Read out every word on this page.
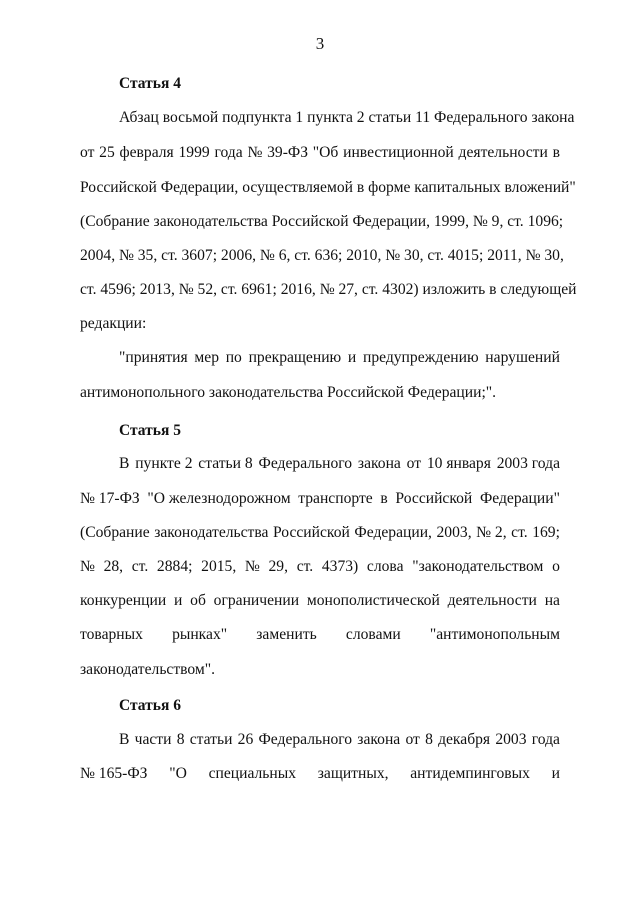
3
Статья 4
Абзац восьмой подпункта 1 пункта 2 статьи 11 Федерального закона
от 25 февраля 1999 года № 39-ФЗ "Об инвестиционной деятельности в
Российской Федерации, осуществляемой в форме капитальных вложений"
(Собрание законодательства Российской Федерации, 1999, № 9, ст. 1096;
2004, № 35, ст. 3607; 2006, № 6, ст. 636; 2010, № 30, ст. 4015; 2011, № 30,
ст. 4596; 2013, № 52, ст. 6961; 2016, № 27, ст. 4302) изложить в следующей
редакции:
"принятия мер по прекращению и предупреждению нарушений
антимонопольного законодательства Российской Федерации;".
Статья 5
В пункте 2 статьи 8 Федерального закона от 10 января 2003 года
№ 17-ФЗ "О железнодорожном транспорте в Российской Федерации"
(Собрание законодательства Российской Федерации, 2003, № 2, ст. 169;
№ 28, ст. 2884; 2015, № 29, ст. 4373) слова "законодательством о
конкуренции и об ограничении монополистической деятельности на
товарных рынках" заменить словами "антимонопольным
законодательством".
Статья 6
В части 8 статьи 26 Федерального закона от 8 декабря 2003 года
№ 165-ФЗ "О специальных защитных, антидемпинговых и
